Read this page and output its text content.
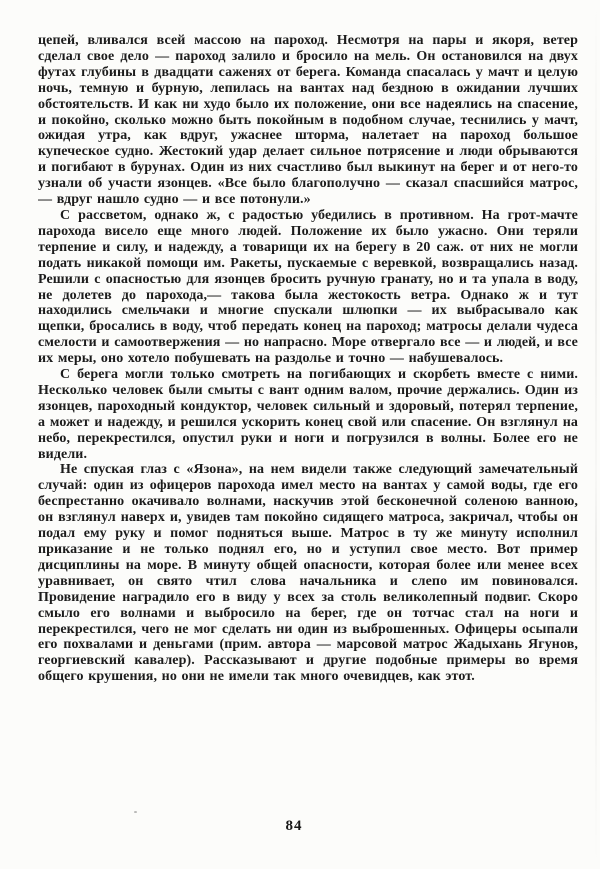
цепей, вливался всей массою на пароход. Несмотря на пары и якоря, ветер сделал свое дело — пароход залило и бросило на мель. Он остановился на двух футах глубины в двадцати саженях от берега. Команда спасалась у мачт и целую ночь, темную и бурную, лепилась на вантах над бездною в ожидании лучших обстоятельств. И как ни худо было их положение, они все надеялись на спасение, и покойно, сколько можно быть покойным в подобном случае, теснились у мачт, ожидая утра, как вдруг, ужаснее шторма, налетает на пароход большое купеческое судно. Жестокий удар делает сильное потрясение и люди обрываются и погибают в бурунах. Один из них счастливо был выкинут на берег и от него-то узнали об участи язонцев. «Все было благополучно — сказал спасшийся матрос,— вдруг нашло судно — и все потонули.»

С рассветом, однако ж, с радостью убедились в противном. На грот-мачте парохода висело еще много людей. Положение их было ужасно. Они теряли терпение и силу, и надежду, а товарищи их на берегу в 20 саж. от них не могли подать никакой помощи им. Ракеты, пускаемые с веревкой, возвращались назад. Решили с опасностью для язонцев бросить ручную гранату, но и та упала в воду, не долетев до парохода,— такова была жестокость ветра. Однако ж и тут находились смельчаки и многие спускали шлюпки — их выбрасывало как щепки, бросались в воду, чтоб передать конец на пароход; матросы делали чудеса смелости и самоотвержения — но напрасно. Море отвергало все — и людей, и все их меры, оно хотело побушевать на раздолье и точно — набушевалось.

С берега могли только смотреть на погибающих и скорбеть вместе с ними. Несколько человек были смыты с вант одним валом, прочие держались. Один из язонцев, пароходный кондуктор, человек сильный и здоровый, потерял терпение, а может и надежду, и решился ускорить конец свой или спасение. Он взглянул на небо, перекрестился, опустил руки и ноги и погрузился в волны. Более его не видели.

Не спуская глаз с «Язона», на нем видели также следующий замечательный случай: один из офицеров парохода имел место на вантах у самой воды, где его беспрестанно окачивало волнами, наскучив этой бесконечной соленою ванною, он взглянул наверх и, увидев там покойно сидящего матроса, закричал, чтобы он подал ему руку и помог подняться выше. Матрос в ту же минуту исполнил приказание и не только поднял его, но и уступил свое место. Вот пример дисциплины на море. В минуту общей опасности, которая более или менее всех уравнивает, он свято чтил слова начальника и слепо им повиновался. Провидение наградило его в виду у всех за столь великолепный подвиг. Скоро смыло его волнами и выбросило на берег, где он тотчас стал на ноги и перекрестился, чего не мог сделать ни один из выброшенных. Офицеры осыпали его похвалами и деньгами (прим. автора — марсовой матрос Жадыхань Ягунов, георгиевский кавалер). Рассказывают и другие подобные примеры во время общего крушения, но они не имели так много очевидцев, как этот.

84
